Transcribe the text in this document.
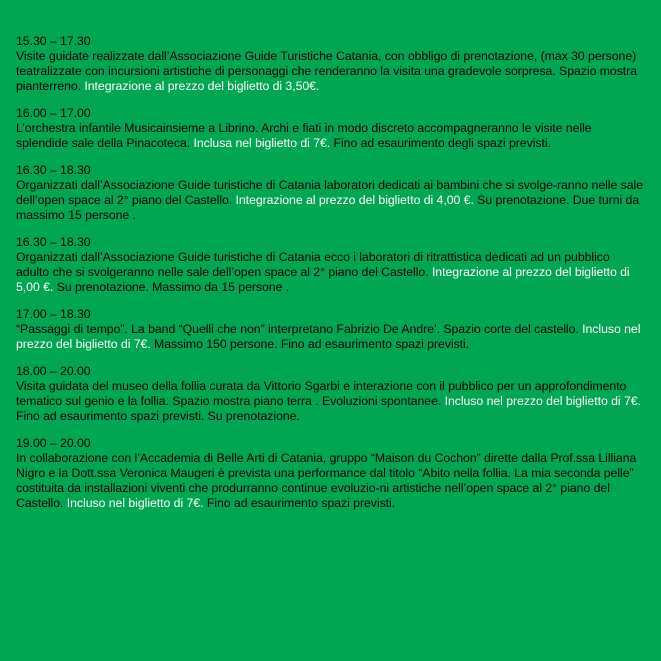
15.30 – 17.30

Visite guidate realizzate dall’Associazione Guide Turistiche Catania, con obbligo di prenotazione, (max 30 persone) teatralizzate con incursioni artistiche di personaggi che renderanno la visita una gradevole sorpresa. Spazio mostra pianterreno. Integrazione al prezzo del biglietto di 3,50€.

16.00 – 17.00

L’orchestra infantile Musicainsieme a Librino. Archi e fiati in modo discreto accompagneranno le visite nelle splendide sale della Pinacoteca. Inclusa nel biglietto di 7€. Fino ad esaurimento degli spazi previsti.

16.30 – 18.30

Organizzati dall’Associazione Guide turistiche di Catania laboratori dedicati ai bambini che si svolge-ranno nelle sale dell’open space al 2° piano del Castello. Integrazione al prezzo del biglietto di 4,00 €. Su prenotazione. Due turni da massimo 15 persone .

16.30 – 18.30

Organizzati dall’Associazione Guide turistiche di Catania ecco i laboratori di ritrattistica dedicati ad un pubblico adulto che si svolgeranno nelle sale dell’open space al 2° piano del Castello. Integrazione al prezzo del biglietto di 5,00 €. Su prenotazione. Massimo da 15 persone .

17.00 – 18.30

“Passaggi di tempo”. La band “Quelli che non” interpretano Fabrizio De Andre’. Spazio corte del castello. Incluso nel prezzo del biglietto di 7€. Massimo 150 persone. Fino ad esaurimento spazi previsti.

18.00 – 20.00

Visita guidata del museo della follia curata da Vittorio Sgarbi e interazione con il pubblico per un approfondimento tematico sul genio e la follia. Spazio mostra piano terra . Evoluzioni spontanee. Incluso nel prezzo del biglietto di 7€. Fino ad esaurimento spazi previsti. Su prenotazione.

19.00 – 20.00

In collaborazione con l’Accademia di Belle Arti di Catania, gruppo “Maison du Cochon” dirette dalla Prof.ssa Lilliana Nigro e la Dott.ssa Veronica Maugeri è prevista una performance dal titolo “Abito nella follia. La mia seconda pelle” costituita da installazioni viventi che produrranno continue evoluzio-ni artistiche nell’open space al 2° piano del Castello. Incluso nel biglietto di 7€. Fino ad esaurimento spazi previsti.
